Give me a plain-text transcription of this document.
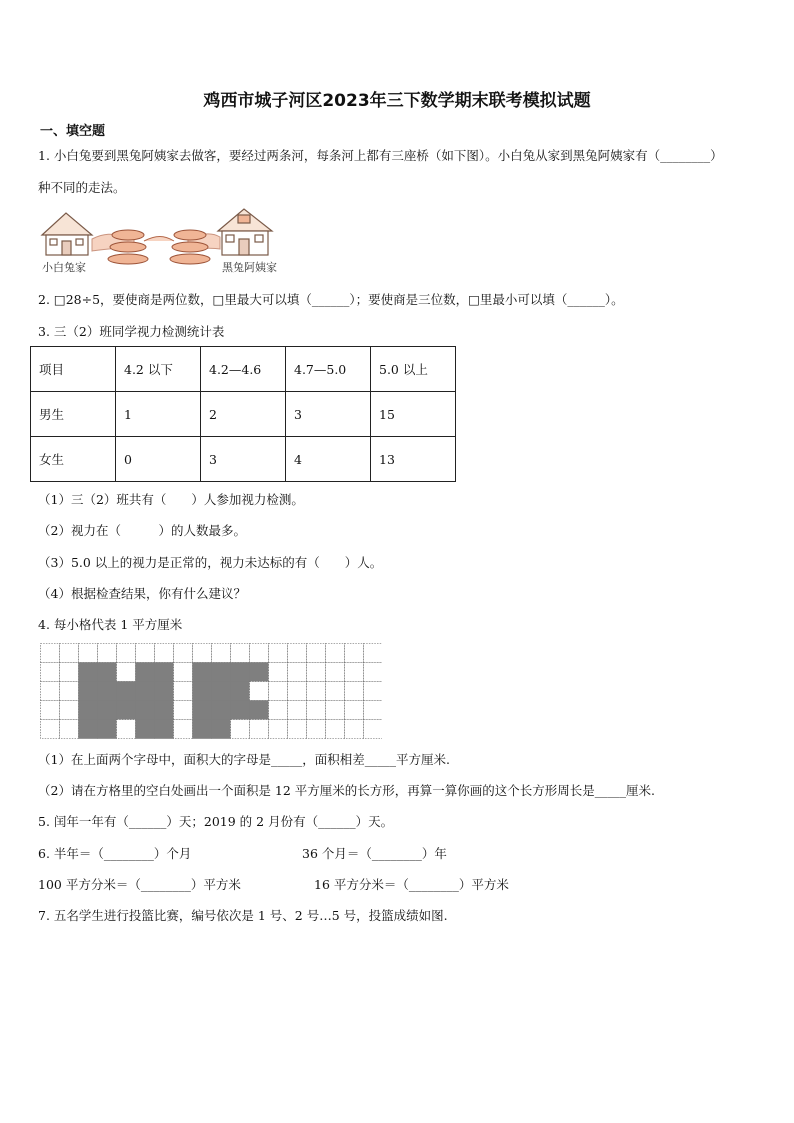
鸡西市城子河区2023年三下数学期末联考模拟试题
一、填空题
1. 小白兔要到黑兔阿姨家去做客，要经过两条河，每条河上都有三座桥（如下图）。小白兔从家到黑兔阿姨家有（________）
种不同的走法。
小白兔家	黑兔阿姨家
2. □28÷5，要使商是两位数，□里最大可以填（______）；要使商是三位数，□里最小可以填（______）。
3. 三（2）班同学视力检测统计表
项目	4.2 以下	4.2—4.6	4.7—5.0	5.0 以上
男生	1	2	3	15
女生	0	3	4	13
（1）三（2）班共有（　　）人参加视力检测。
（2）视力在（　　　）的人数最多。
（3）5.0 以上的视力是正常的，视力未达标的有（　　）人。
（4）根据检查结果，你有什么建议？
4. 每小格代表 1 平方厘米
（1）在上面两个字母中，面积大的字母是_____，面积相差_____平方厘米.
（2）请在方格里的空白处画出一个面积是 12 平方厘米的长方形，再算一算你画的这个长方形周长是_____厘米.
5. 闰年一年有（______）天；2019 的 2 月份有（______）天。
6. 半年＝（________）个月	36 个月＝（________）年
100 平方分米＝（________）平方米	16 平方分米＝（________）平方米
7. 五名学生进行投篮比赛，编号依次是 1 号、2 号…5 号，投篮成绩如图.
